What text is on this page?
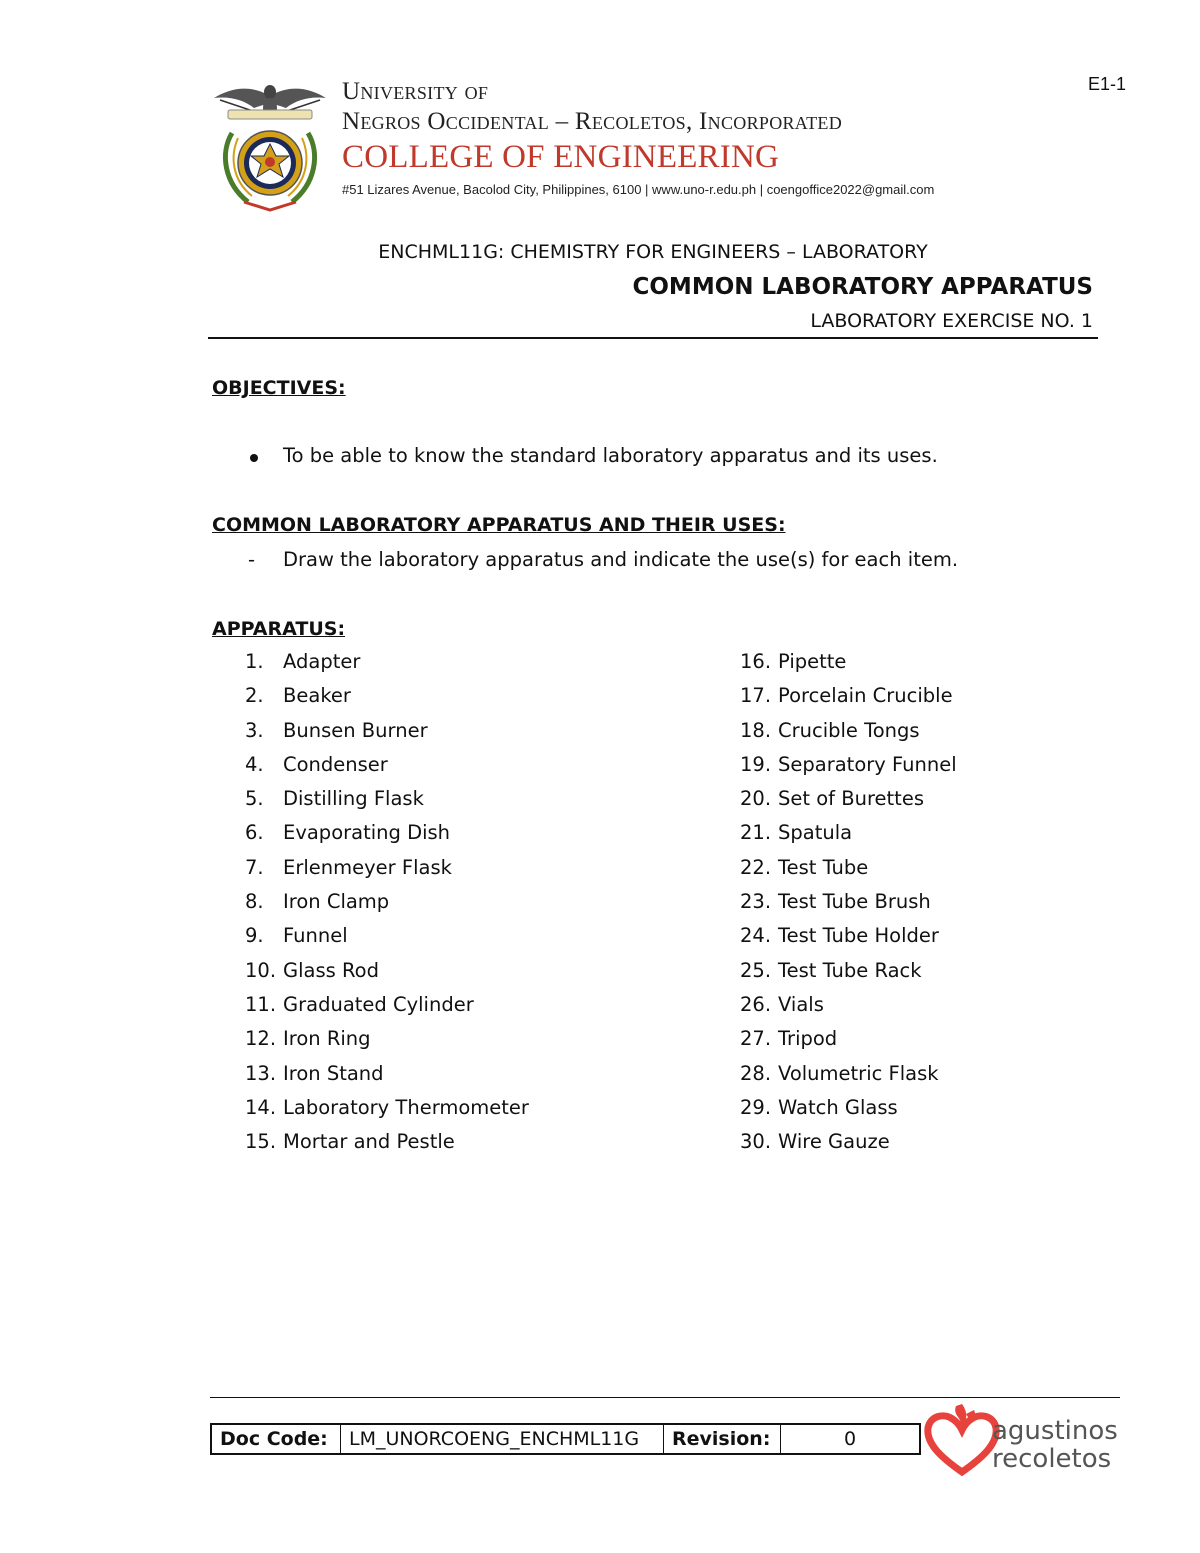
E1-1
University of
Negros Occidental – Recoletos, Incorporated
COLLEGE OF ENGINEERING
#51 Lizares Avenue, Bacolod City, Philippines, 6100 | www.uno-r.edu.ph | coengoffice2022@gmail.com
ENCHML11G: CHEMISTRY FOR ENGINEERS – LABORATORY
COMMON LABORATORY APPARATUS
LABORATORY EXERCISE NO. 1
OBJECTIVES:
To be able to know the standard laboratory apparatus and its uses.
COMMON LABORATORY APPARATUS AND THEIR USES:
- Draw the laboratory apparatus and indicate the use(s) for each item.
APPARATUS:
1. Adapter
2. Beaker
3. Bunsen Burner
4. Condenser
5. Distilling Flask
6. Evaporating Dish
7. Erlenmeyer Flask
8. Iron Clamp
9. Funnel
10. Glass Rod
11. Graduated Cylinder
12. Iron Ring
13. Iron Stand
14. Laboratory Thermometer
15. Mortar and Pestle
16. Pipette
17. Porcelain Crucible
18. Crucible Tongs
19. Separatory Funnel
20. Set of Burettes
21. Spatula
22. Test Tube
23. Test Tube Brush
24. Test Tube Holder
25. Test Tube Rack
26. Vials
27. Tripod
28. Volumetric Flask
29. Watch Glass
30. Wire Gauze
Doc Code:	LM_UNORCOENG_ENCHML11G	Revision:	0	agustinos
recoletos
